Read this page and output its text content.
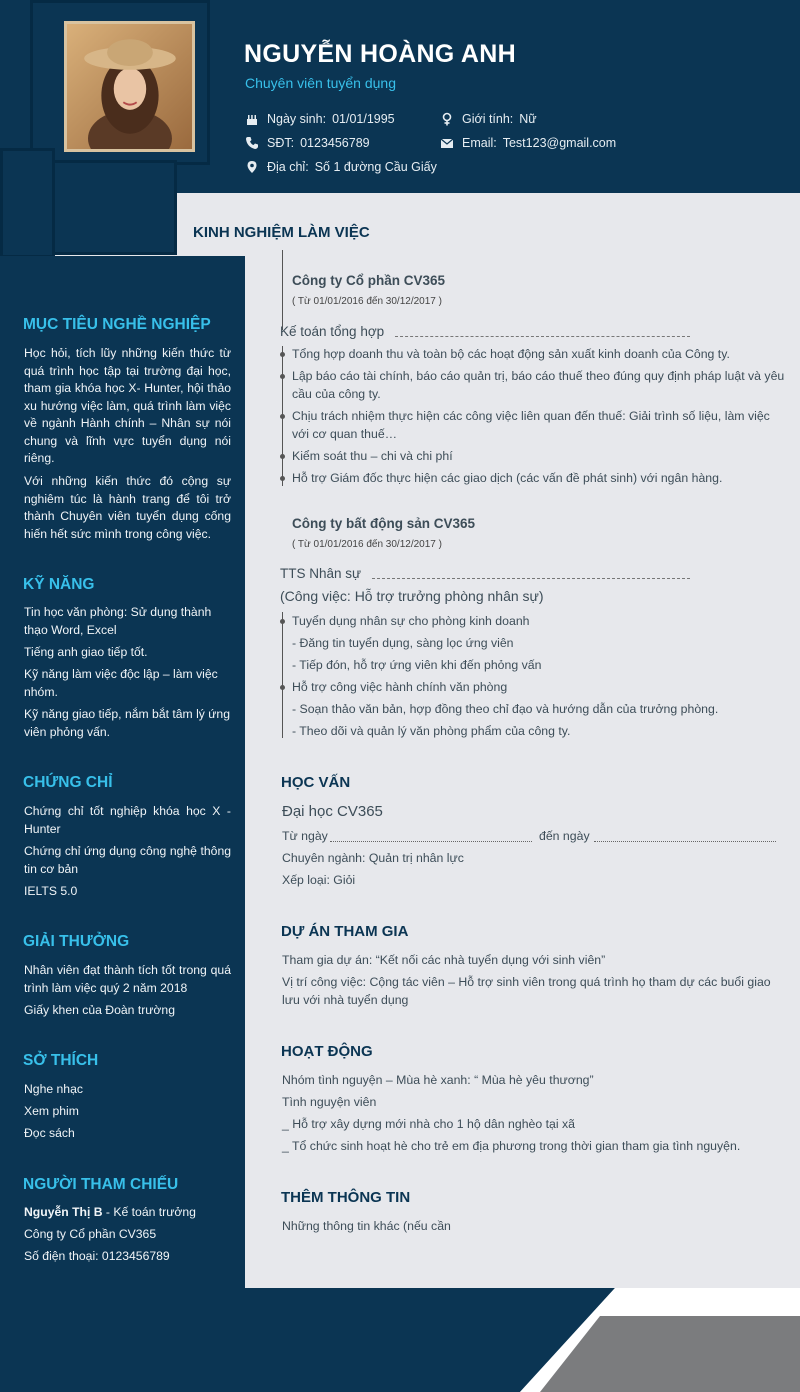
NGUYỄN HOÀNG ANH
Chuyên viên tuyển dụng
Ngày sinh: 01/01/1995	Giới tính: Nữ
SĐT: 0123456789	Email: Test123@gmail.com
Địa chỉ: Số 1 đường Cầu Giấy
MỤC TIÊU NGHỀ NGHIỆP
Học hỏi, tích lũy những kiến thức từ quá trình học tập tại trường đại học, tham gia khóa học X- Hunter, hội thảo xu hướng việc làm, quá trình làm việc về ngành Hành chính – Nhân sự nói chung và lĩnh vực tuyển dụng nói riêng.
Với những kiến thức đó cộng sự nghiêm túc là hành trang để tôi trở thành Chuyên viên tuyển dụng cống hiến hết sức mình trong công việc.
KỸ NĂNG
Tin học văn phòng: Sử dụng thành thạo Word, Excel
Tiếng anh giao tiếp tốt.
Kỹ năng làm việc độc lập – làm việc nhóm.
Kỹ năng giao tiếp, nắm bắt tâm lý ứng viên phỏng vấn.
CHỨNG CHỈ
Chứng chỉ tốt nghiệp khóa học X - Hunter
Chứng chỉ ứng dụng công nghệ thông tin cơ bản
IELTS 5.0
GIẢI THƯỞNG
Nhân viên đạt thành tích tốt trong quá trình làm việc quý 2 năm 2018
Giấy khen của Đoàn trường
SỞ THÍCH
Nghe nhạc
Xem phim
Đọc sách
NGƯỜI THAM CHIẾU
Nguyễn Thị B - Kế toán trưởng
Công ty Cổ phần CV365
Số điện thoại: 0123456789
KINH NGHIỆM LÀM VIỆC
Công ty Cổ phần CV365
( Từ 01/01/2016 đến 30/12/2017 )
Kế toán tổng hợp
Tổng hợp doanh thu và toàn bộ các hoạt động sản xuất kinh doanh của Công ty.
Lập báo cáo tài chính, báo cáo quản trị, báo cáo thuế theo đúng quy định pháp luật và yêu cầu của công ty.
Chịu trách nhiệm thực hiện các công việc liên quan đến thuế: Giải trình số liệu, làm việc với cơ quan thuế…
Kiểm soát thu – chi và chi phí
Hỗ trợ Giám đốc thực hiện các giao dịch (các vấn đề phát sinh) với ngân hàng.
Công ty bất động sản CV365
( Từ 01/01/2016 đến 30/12/2017 )
TTS Nhân sự
(Công việc: Hỗ trợ trưởng phòng nhân sự)
Tuyển dụng nhân sự cho phòng kinh doanh
- Đăng tin tuyển dụng, sàng lọc ứng viên
- Tiếp đón, hỗ trợ ứng viên khi đến phỏng vấn
Hỗ trợ công việc hành chính văn phòng
- Soạn thảo văn bản, hợp đồng theo chỉ đạo và hướng dẫn của trưởng phòng.
- Theo dõi và quản lý văn phòng phẩm của công ty.
HỌC VẤN
Đại học CV365
Từ ngày	đến ngày
Chuyên ngành: Quản trị nhân lực
Xếp loại: Giỏi
DỰ ÁN THAM GIA
Tham gia dự án: “Kết nối các nhà tuyển dụng với sinh viên”
Vị trí công việc: Cộng tác viên – Hỗ trợ sinh viên trong quá trình họ tham dự các buổi giao lưu với nhà tuyển dụng
HOẠT ĐỘNG
Nhóm tình nguyện – Mùa hè xanh: “ Mùa hè yêu thương”
Tình nguyện viên
_ Hỗ trợ xây dựng mới nhà cho 1 hộ dân nghèo tại xã
_ Tổ chức sinh hoạt hè cho trẻ em địa phương trong thời gian tham gia tình nguyện.
THÊM THÔNG TIN
Những thông tin khác (nếu cần
